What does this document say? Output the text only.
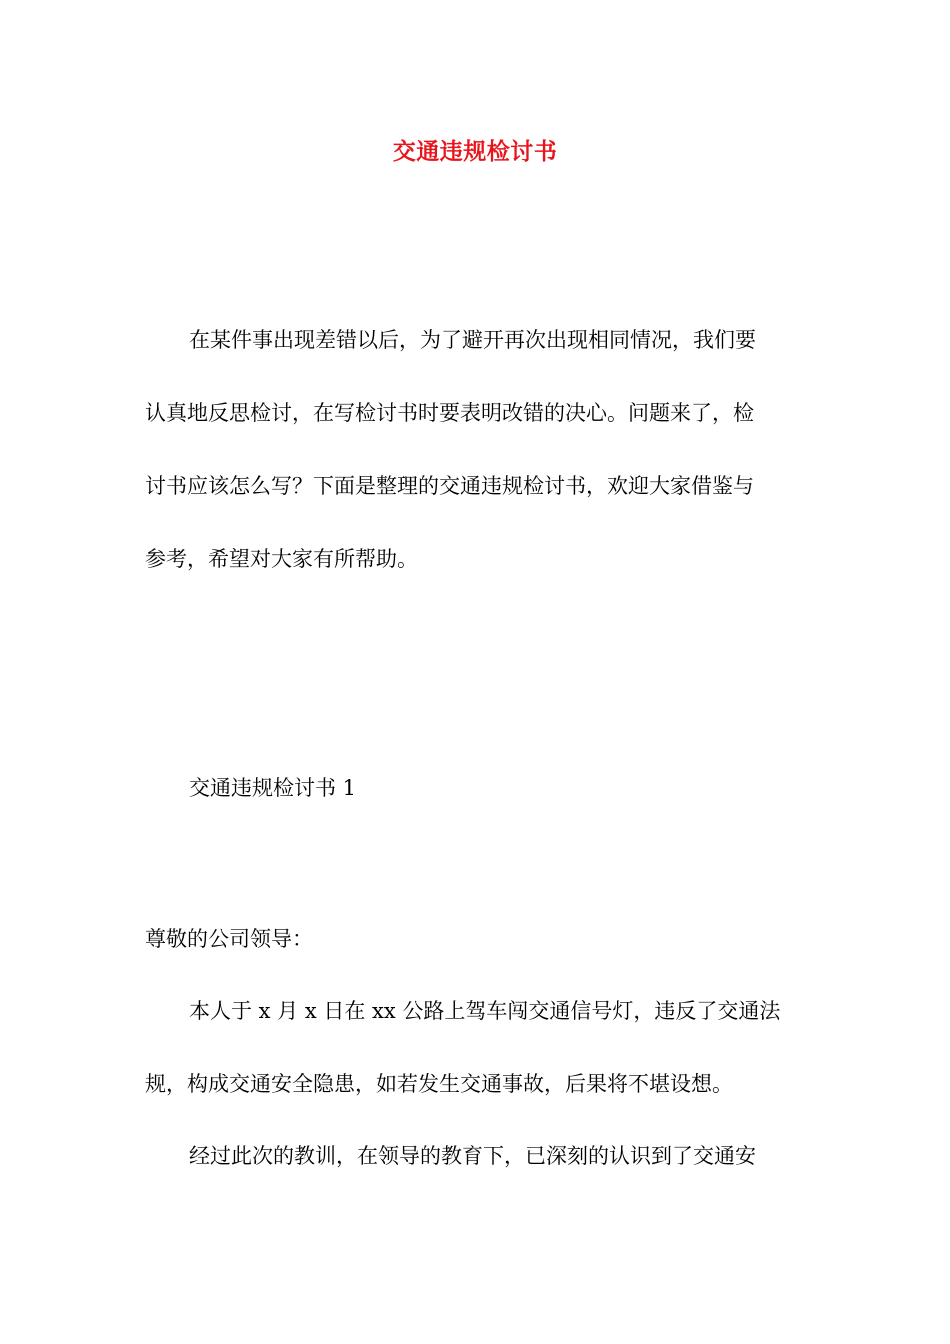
交通违规检讨书
在某件事出现差错以后，为了避开再次出现相同情况，我们要
认真地反思检讨，在写检讨书时要表明改错的决心。问题来了，检
讨书应该怎么写？下面是整理的交通违规检讨书，欢迎大家借鉴与
参考，希望对大家有所帮助。
交通违规检讨书 1
尊敬的公司领导：
本人于 x 月 x 日在 xx 公路上驾车闯交通信号灯，违反了交通法
规，构成交通安全隐患，如若发生交通事故，后果将不堪设想。
经过此次的教训，在领导的教育下，已深刻的认识到了交通安
